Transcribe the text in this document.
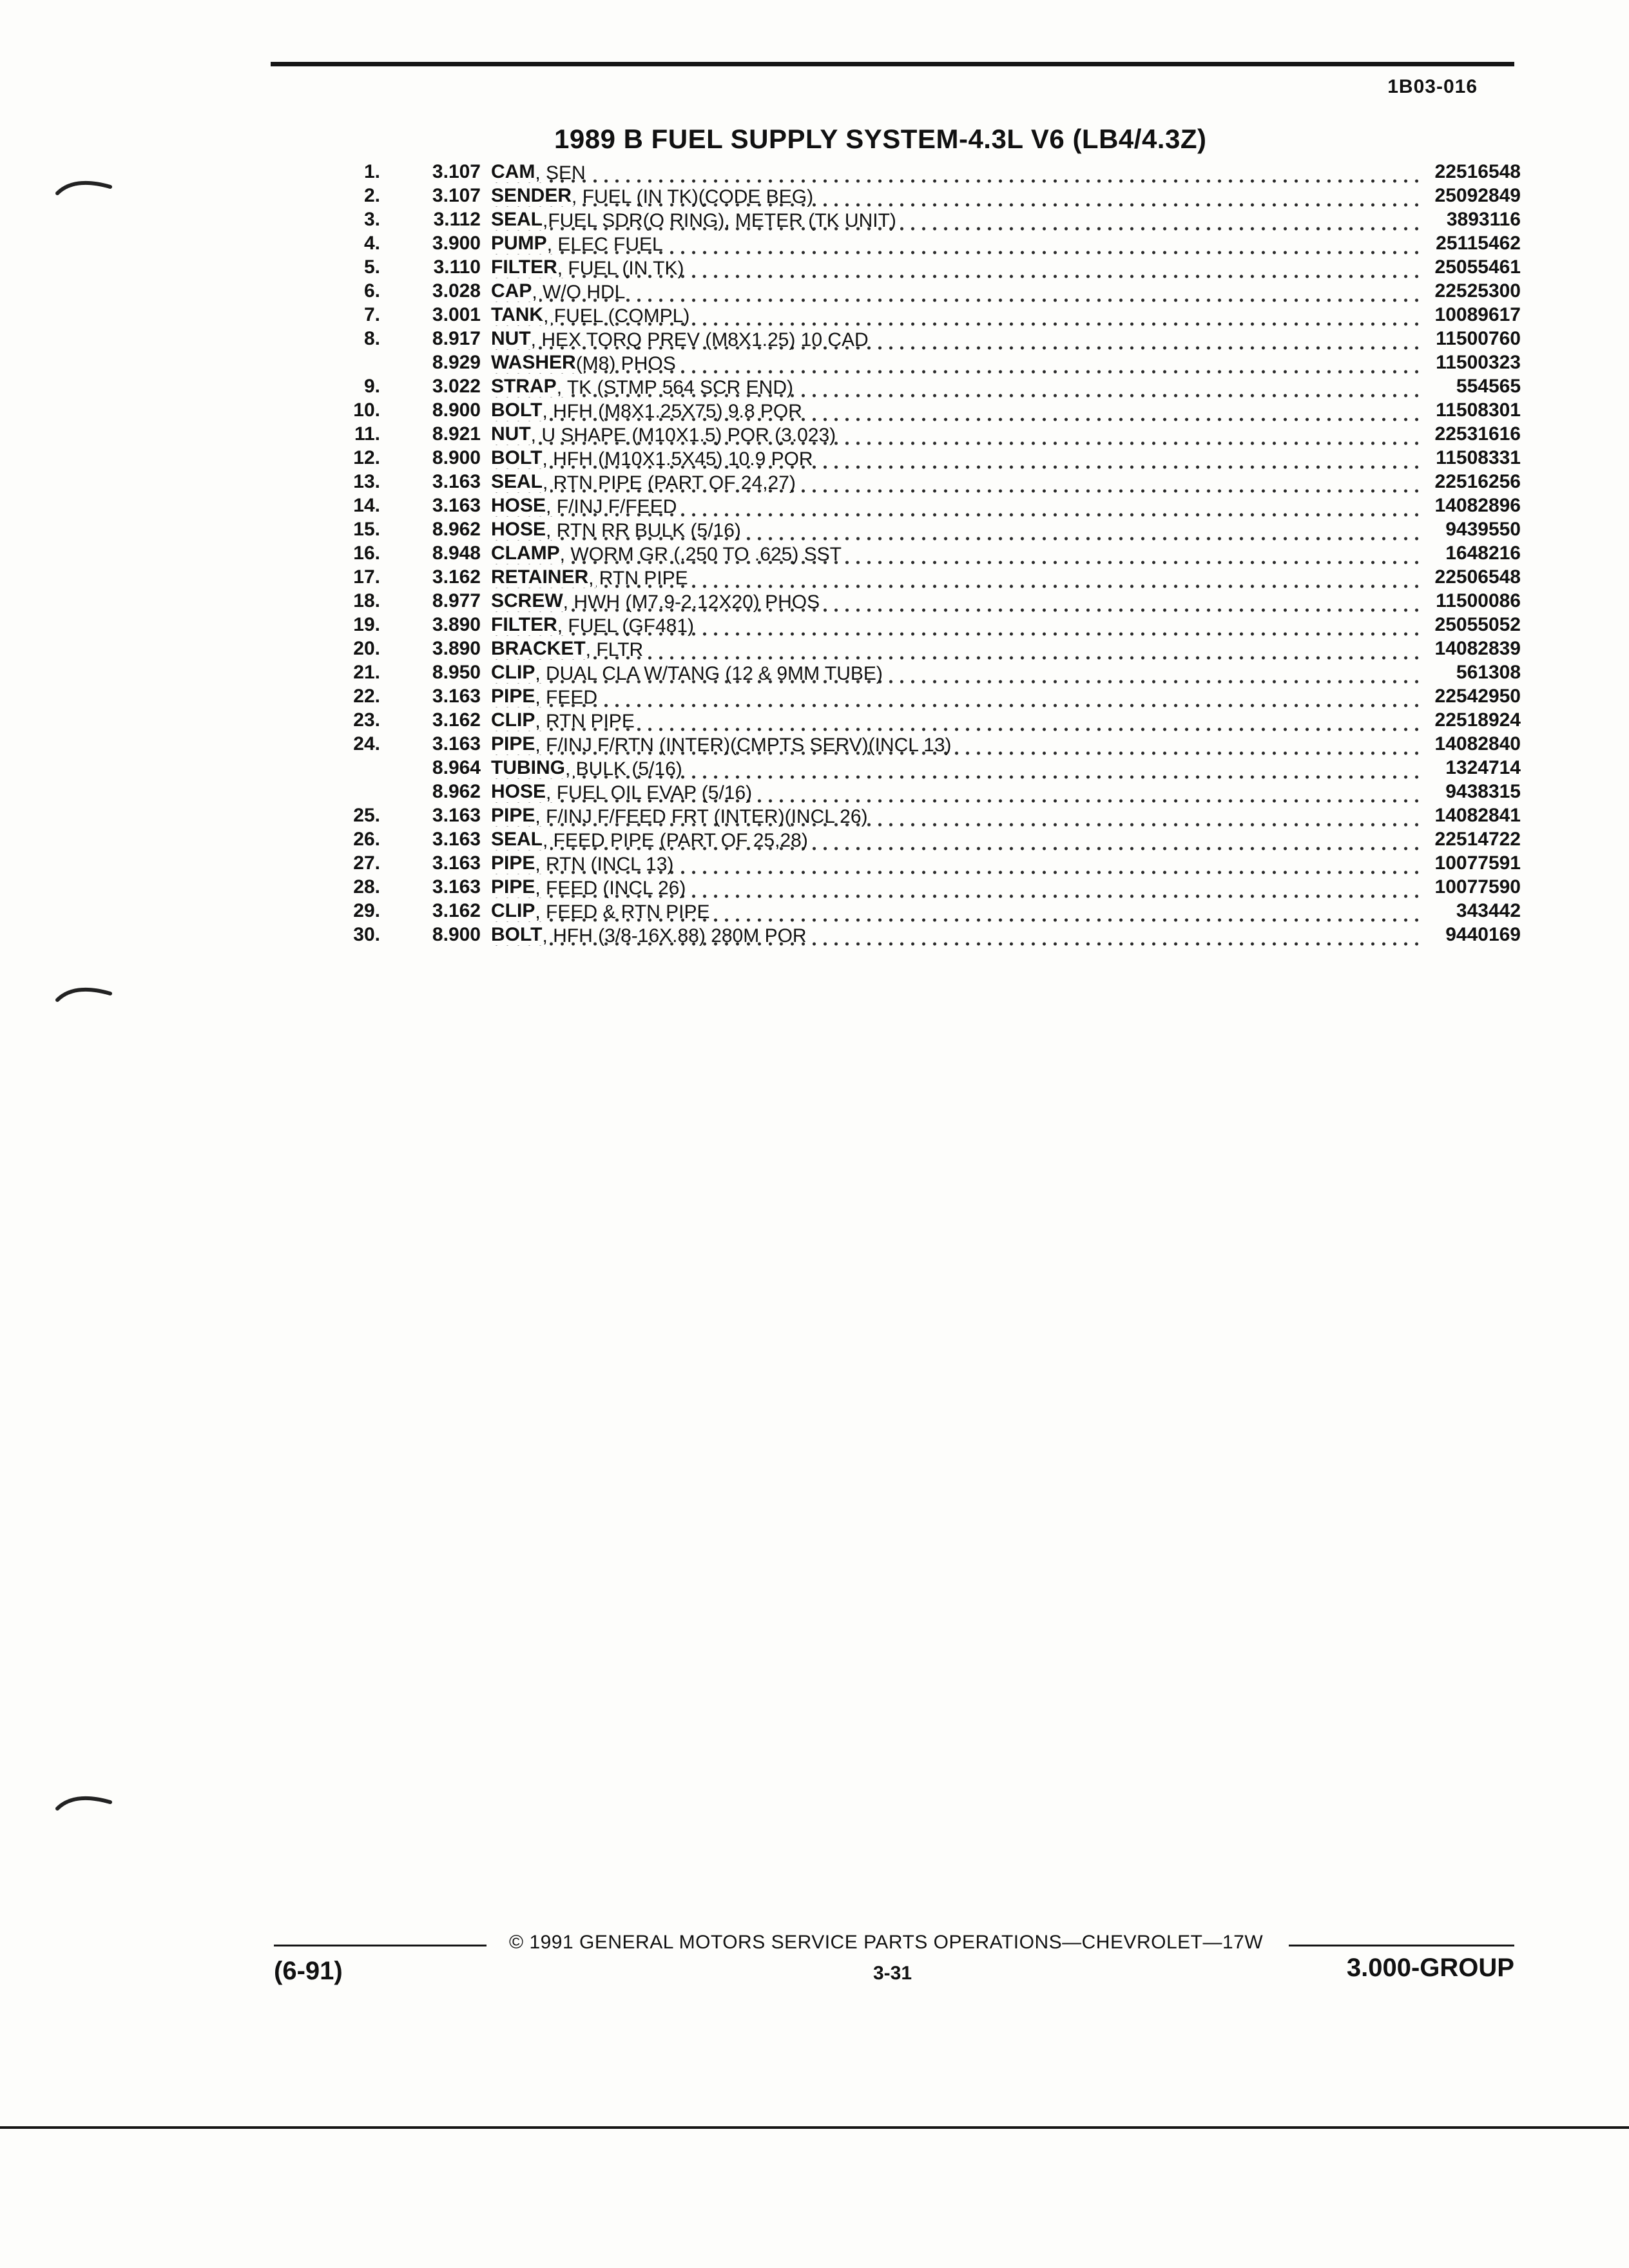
1B03-016
1989 B FUEL SUPPLY SYSTEM-4.3L V6 (LB4/4.3Z)
1.	3.107 CAM , SEN	22516548
2.	3.107 SENDER , FUEL (IN TK)(CODE BEG)	25092849
3.	3.112 SEAL ,FUEL SDR(O RING), METER (TK UNIT)	3893116
4.	3.900 PUMP , ELEC FUEL	25115462
5.	3.110 FILTER , FUEL (IN TK)	25055461
6.	3.028 CAP , W/O HDL	22525300
7.	3.001 TANK , FUEL (COMPL)	10089617
8.	8.917 NUT , HEX TORQ PREV (M8X1.25) 10 CAD	11500760
8.929 WASHER (M8) PHOS	11500323
9.	3.022 STRAP , TK (STMP 564 SCR END)	554565
10.	8.900 BOLT , HFH (M8X1.25X75) 9.8 POR	11508301
11.	8.921 NUT , U SHAPE (M10X1.5) POR (3.023)	22531616
12.	8.900 BOLT , HFH (M10X1.5X45) 10.9 POR	11508331
13.	3.163 SEAL , RTN PIPE (PART OF 24,27)	22516256
14.	3.163 HOSE , F/INJ F/FEED	14082896
15.	8.962 HOSE , RTN RR BULK (5/16)	9439550
16.	8.948 CLAMP , WORM GR (.250 TO .625) SST	1648216
17.	3.162 RETAINER , RTN PIPE	22506548
18.	8.977 SCREW , HWH (M7.9-2.12X20) PHOS	11500086
19.	3.890 FILTER , FUEL (GF481)	25055052
20.	3.890 BRACKET , FLTR	14082839
21.	8.950 CLIP , DUAL CLA W/TANG (12 & 9MM TUBE)	561308
22.	3.163 PIPE , FEED	22542950
23.	3.162 CLIP , RTN PIPE	22518924
24.	3.163 PIPE , F/INJ F/RTN (INTER)(CMPTS SERV)(INCL 13)	14082840
8.964 TUBING , BULK (5/16)	1324714
8.962 HOSE , FUEL OIL EVAP (5/16)	9438315
25.	3.163 PIPE , F/INJ F/FEED FRT (INTER)(INCL 26)	14082841
26.	3.163 SEAL , FEED PIPE (PART OF 25,28)	22514722
27.	3.163 PIPE , RTN (INCL 13)	10077591
28.	3.163 PIPE , FEED (INCL 26)	10077590
29.	3.162 CLIP , FEED & RTN PIPE	343442
30.	8.900 BOLT , HFH (3/8-16X.88) 280M POR	9440169
© 1991 GENERAL MOTORS SERVICE PARTS OPERATIONS—CHEVROLET—17W
(6-91)	3-31	3.000-GROUP
